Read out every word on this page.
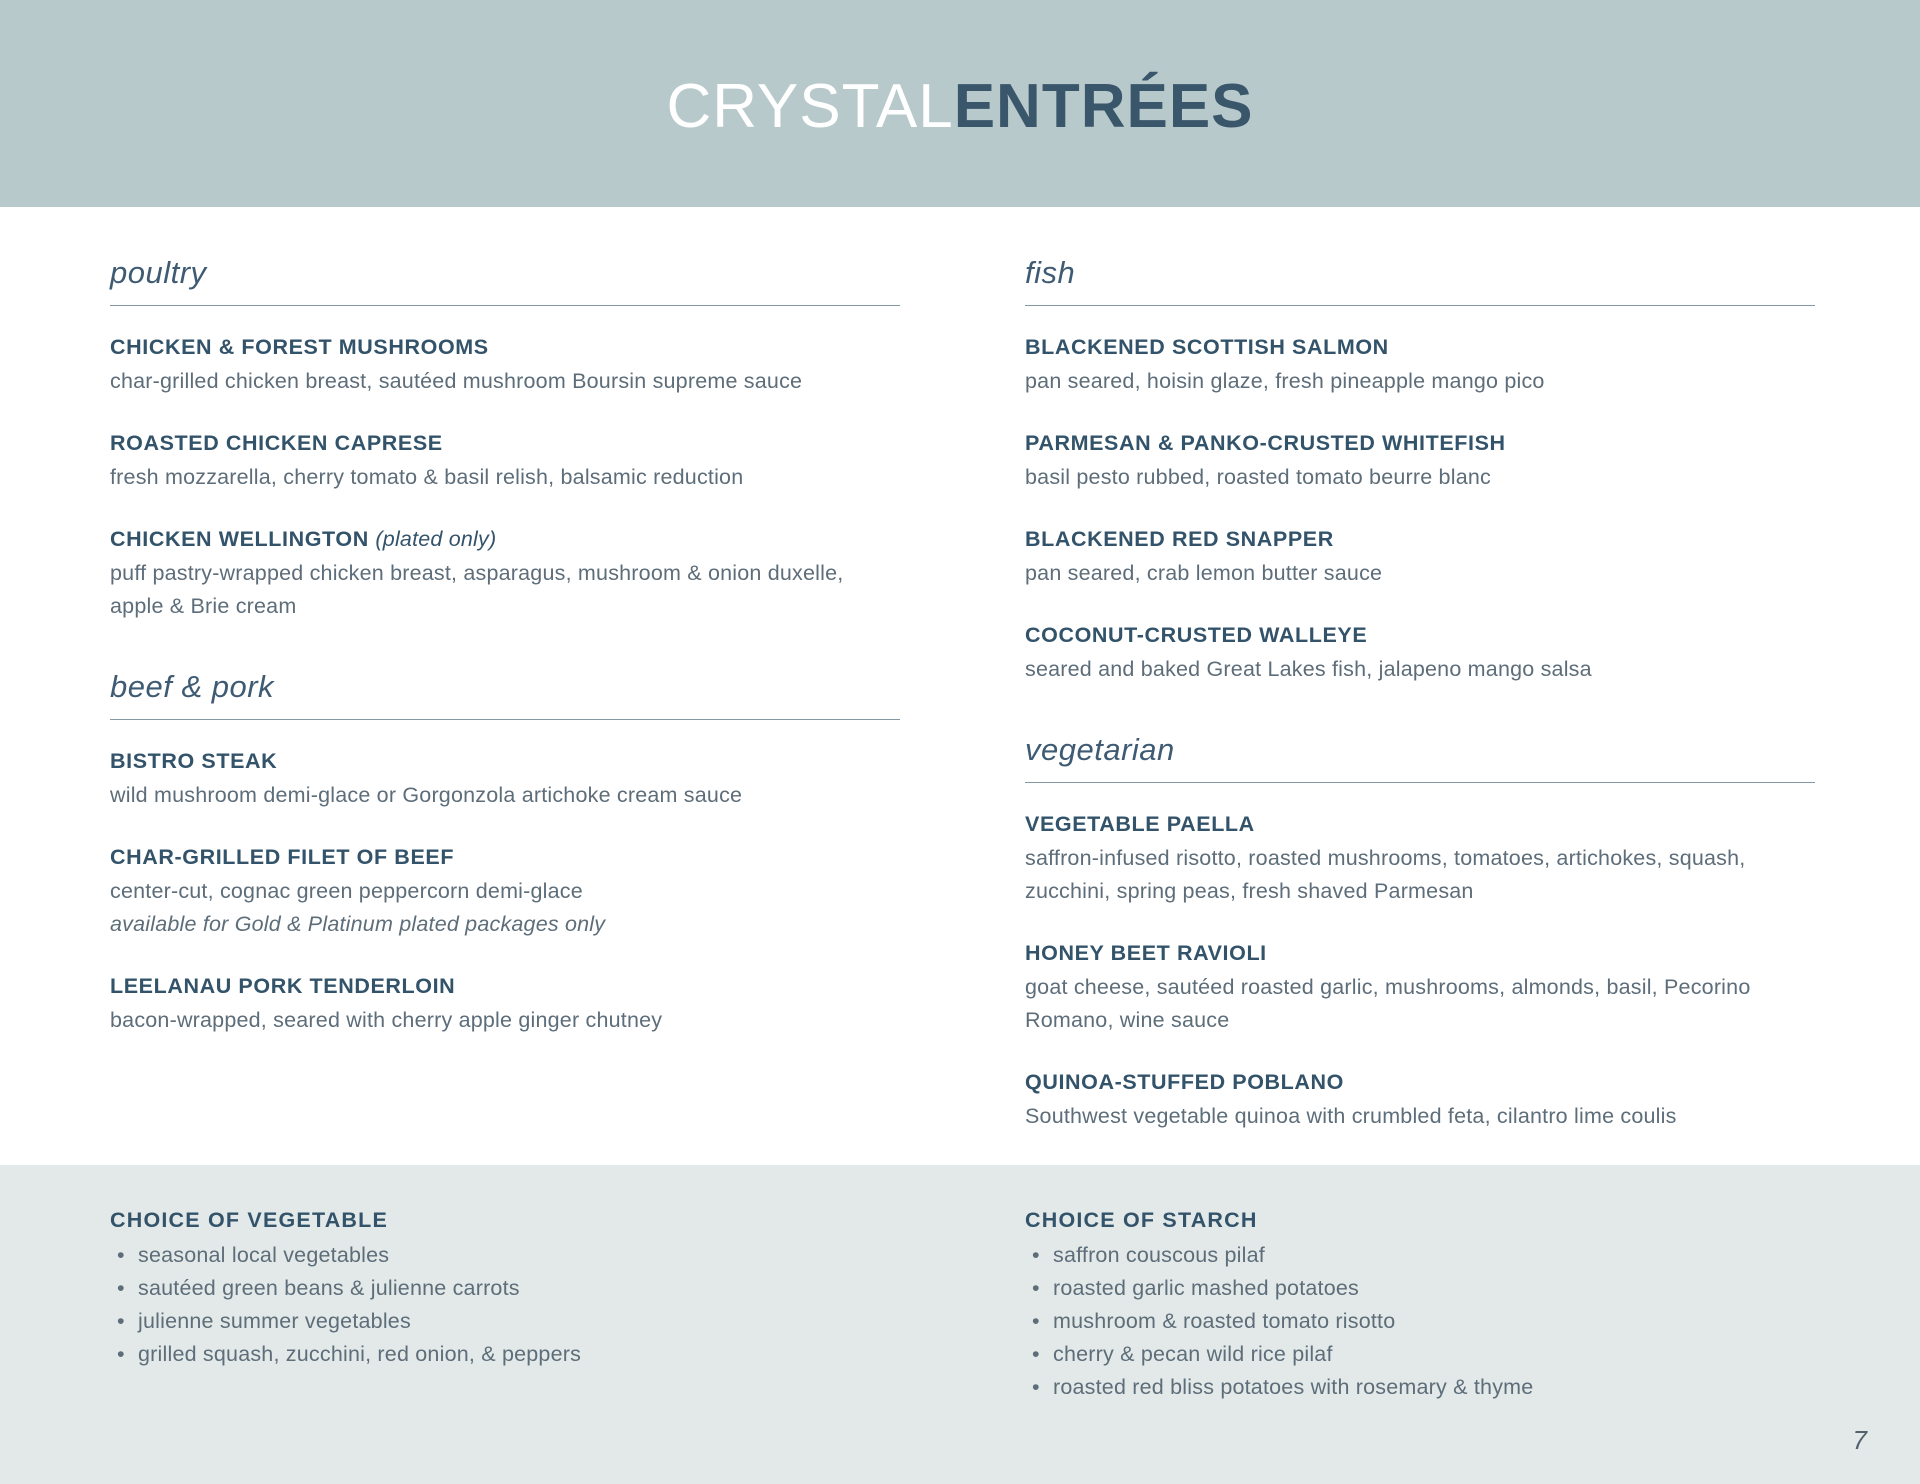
CRYSTALENTRÉES
poultry
CHICKEN & FOREST MUSHROOMS
char-grilled chicken breast, sautéed mushroom Boursin supreme sauce
ROASTED CHICKEN CAPRESE
fresh mozzarella, cherry tomato & basil relish, balsamic reduction
CHICKEN WELLINGTON (plated only)
puff pastry-wrapped chicken breast, asparagus, mushroom & onion duxelle, apple & Brie cream
beef & pork
BISTRO STEAK
wild mushroom demi-glace or Gorgonzola artichoke cream sauce
CHAR-GRILLED FILET OF BEEF
center-cut, cognac green peppercorn demi-glace
available for Gold & Platinum plated packages only
LEELANAU PORK TENDERLOIN
bacon-wrapped, seared with cherry apple ginger chutney
fish
BLACKENED SCOTTISH SALMON
pan seared, hoisin glaze, fresh pineapple mango pico
PARMESAN & PANKO-CRUSTED WHITEFISH
basil pesto rubbed, roasted tomato beurre blanc
BLACKENED RED SNAPPER
pan seared, crab lemon butter sauce
COCONUT-CRUSTED WALLEYE
seared and baked Great Lakes fish, jalapeno mango salsa
vegetarian
VEGETABLE PAELLA
saffron-infused risotto, roasted mushrooms, tomatoes, artichokes, squash, zucchini, spring peas, fresh shaved Parmesan
HONEY BEET RAVIOLI
goat cheese, sautéed roasted garlic, mushrooms, almonds, basil, Pecorino Romano, wine sauce
QUINOA-STUFFED POBLANO
Southwest vegetable quinoa with crumbled feta, cilantro lime coulis
CHOICE OF VEGETABLE
• seasonal local vegetables
• sautéed green beans & julienne carrots
• julienne summer vegetables
• grilled squash, zucchini, red onion, & peppers
CHOICE OF STARCH
• saffron couscous pilaf
• roasted garlic mashed potatoes
• mushroom & roasted tomato risotto
• cherry & pecan wild rice pilaf
• roasted red bliss potatoes with rosemary & thyme
7
